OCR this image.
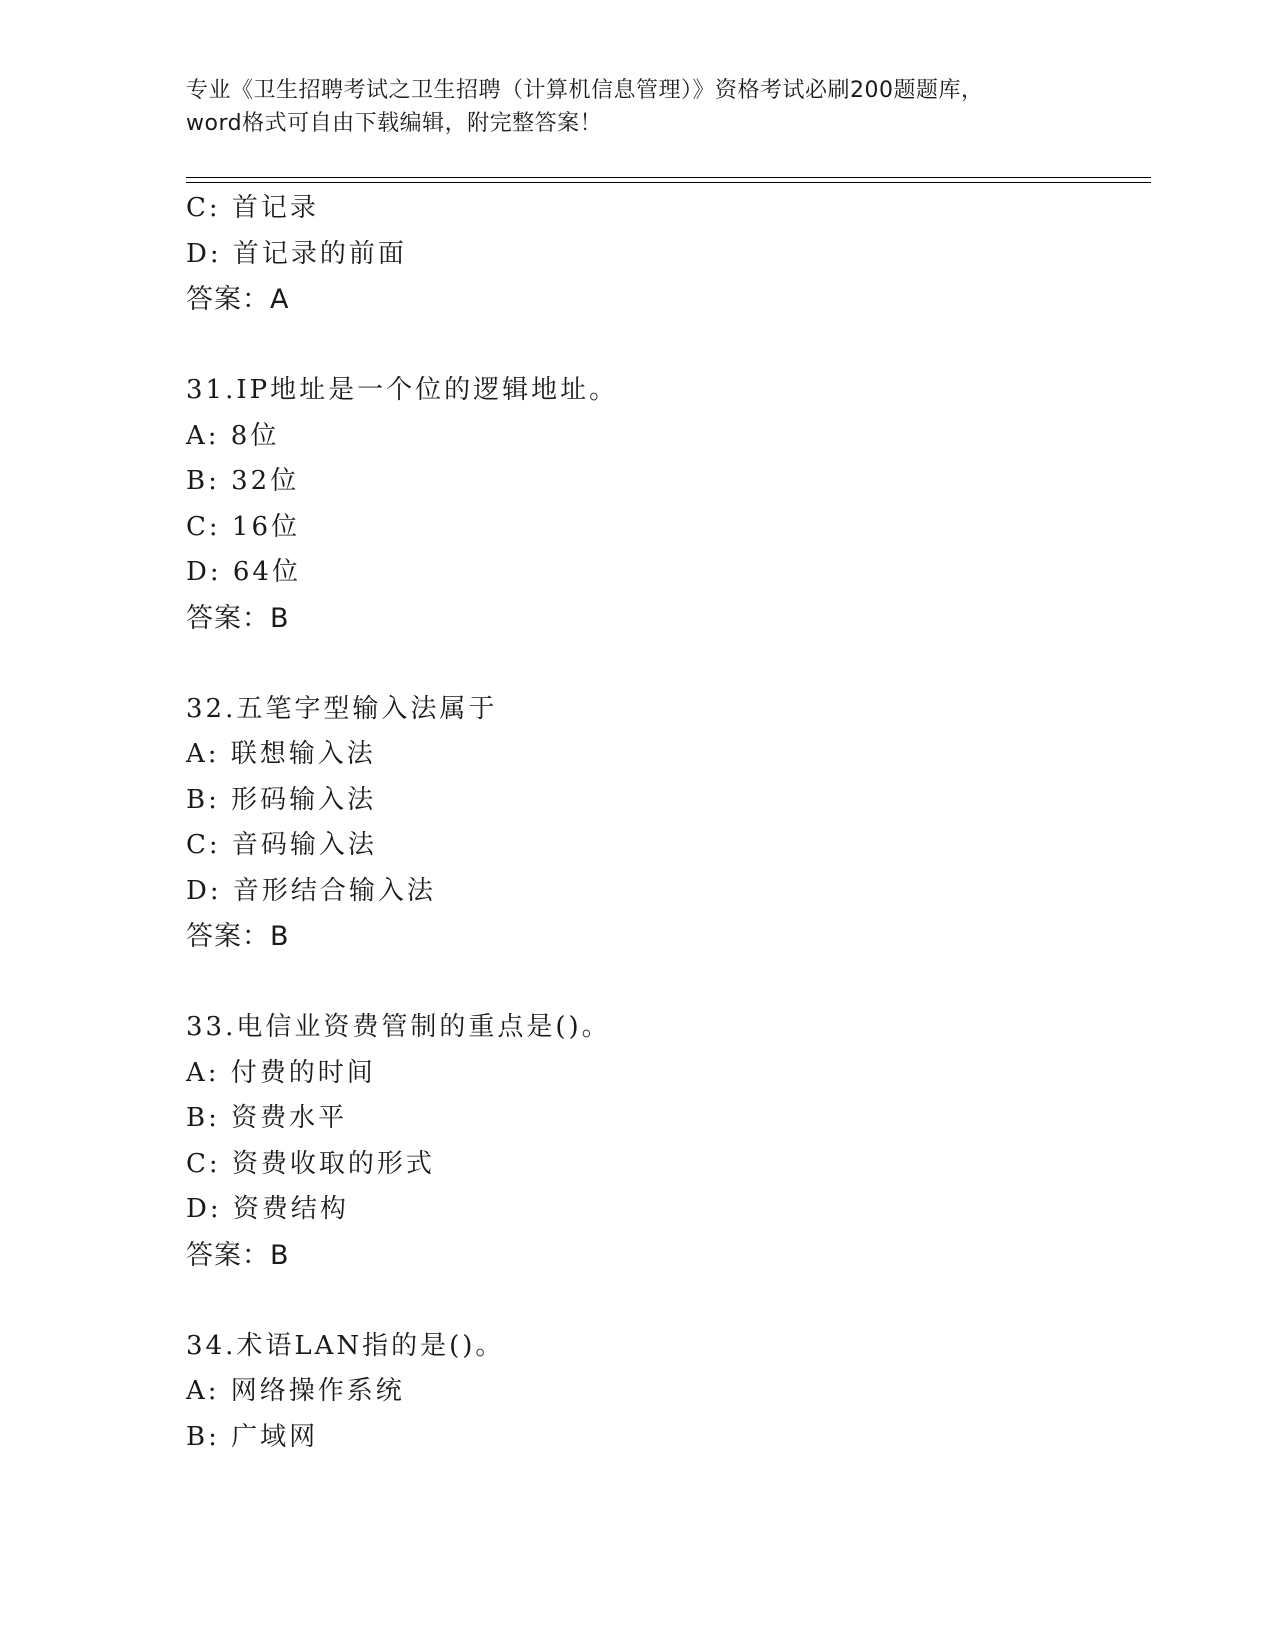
专业《卫生招聘考试之卫生招聘（计算机信息管理）》资格考试必刷200题题库，
word格式可自由下载编辑，附完整答案！
C: 首记录
D: 首记录的前面
答案：A
31.IP地址是一个位的逻辑地址。
A: 8位
B: 32位
C: 16位
D: 64位
答案：B
32.五笔字型输入法属于
A: 联想输入法
B: 形码输入法
C: 音码输入法
D: 音形结合输入法
答案：B
33.电信业资费管制的重点是()。
A: 付费的时间
B: 资费水平
C: 资费收取的形式
D: 资费结构
答案：B
34.术语LAN指的是()。
A: 网络操作系统
B: 广域网
